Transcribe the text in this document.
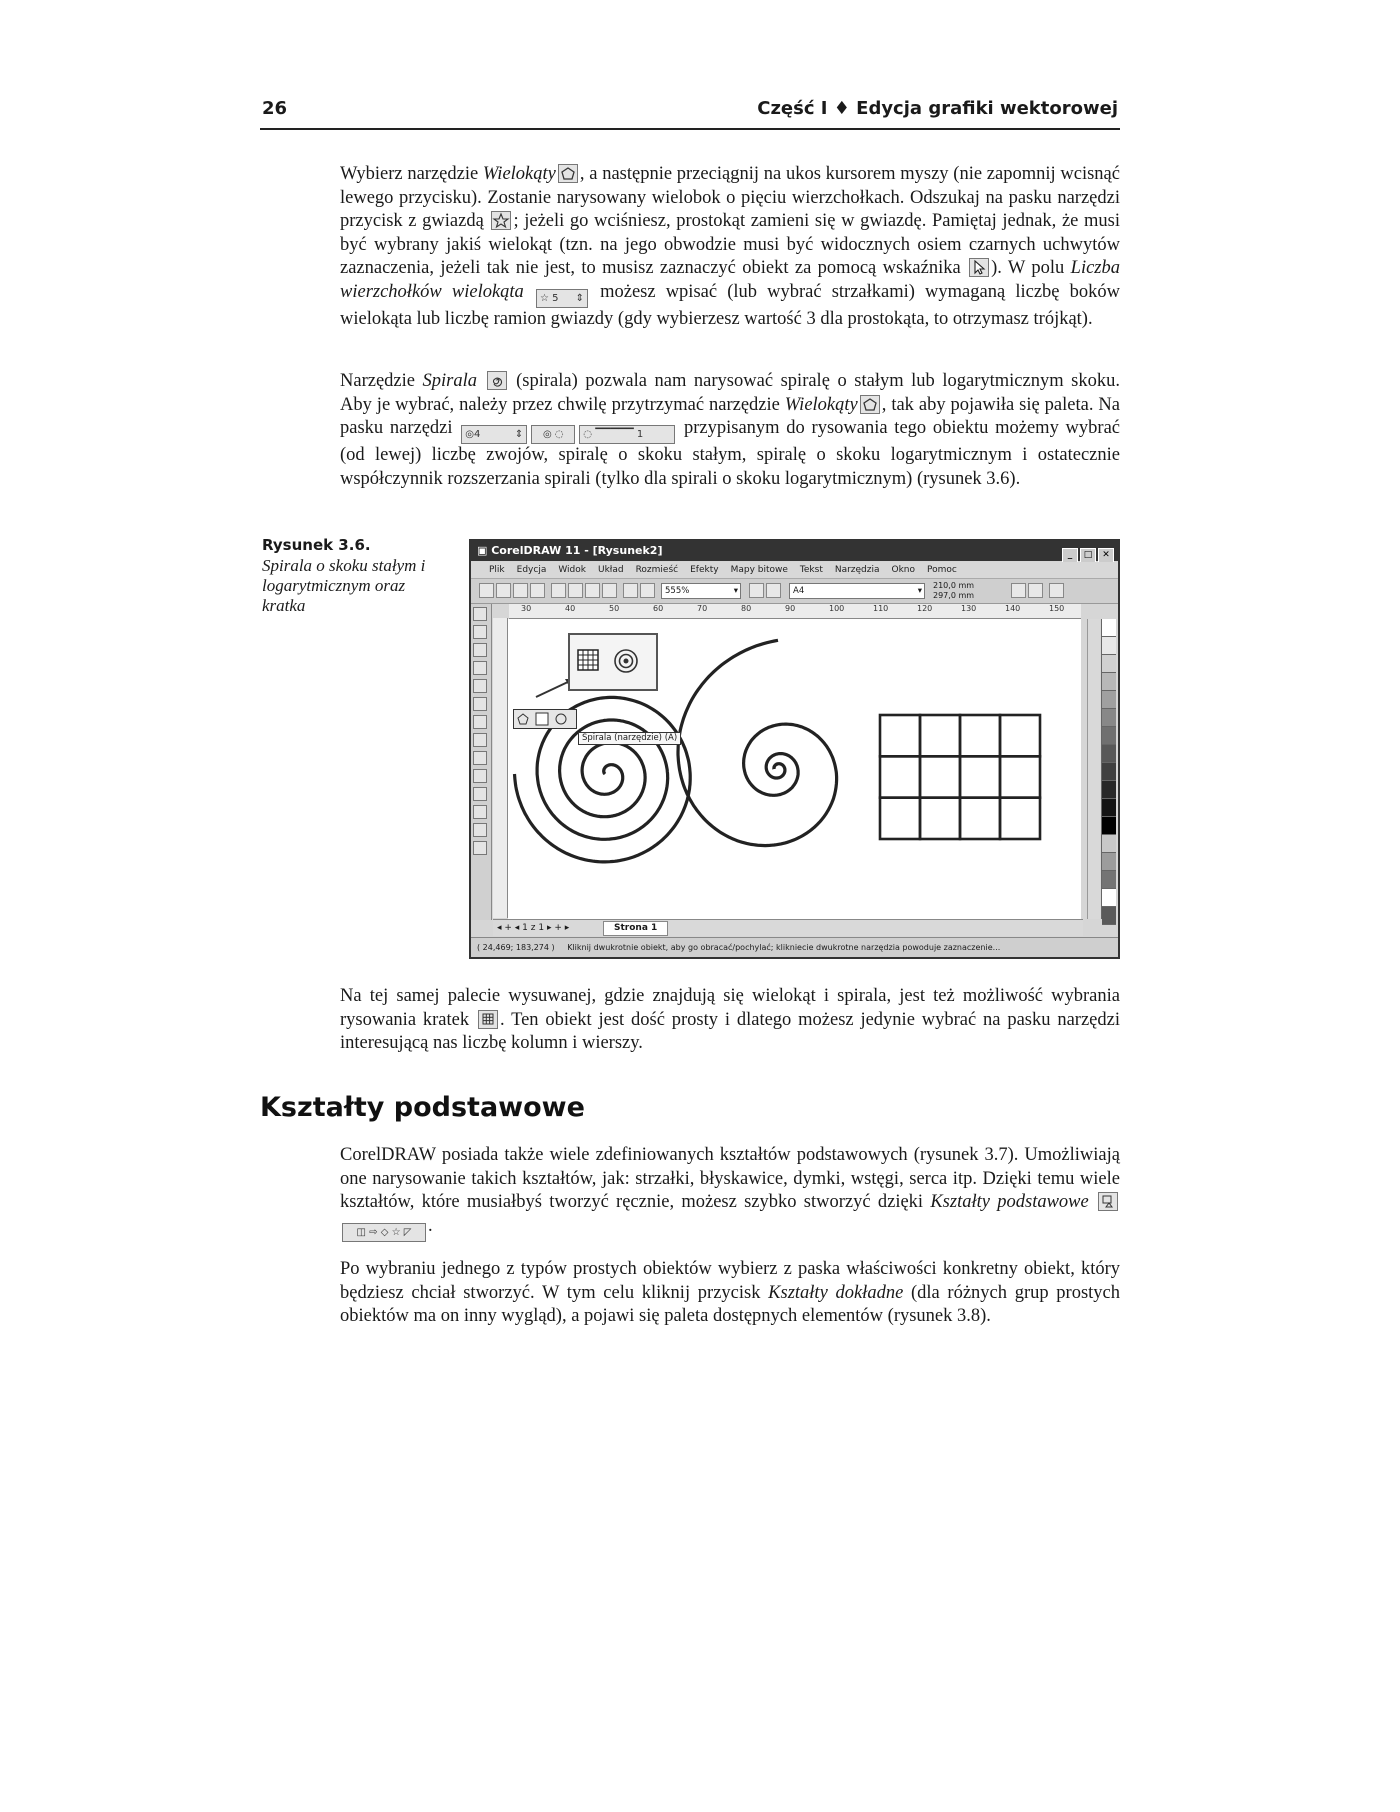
26	Część I ♦ Edycja grafiki wektorowej

Wybierz narzędzie Wielokąty , a następnie przeciągnij na ukos kursorem myszy (nie zapomnij wcisnąć lewego przycisku). Zostanie narysowany wielobok o pięciu wierzchołkach. Odszukaj na pasku narzędzi przycisk z gwiazdą
; jeżeli go wciśniesz, prostokąt zamieni się w gwiazdę. Pamiętaj jednak, że musi być wybrany jakiś wielokąt (tzn. na jego obwodzie musi być widocznych osiem czarnych uchwytów zaznaczenia, jeżeli tak nie jest, to musisz zaznaczyć obiekt za pomocą wskaźnika
). W polu Liczba wierzchołków wielokąta ☆ 5 ⇕ możesz wpisać (lub wybrać strzałkami) wymaganą liczbę boków wielokąta lub liczbę ramion gwiazdy (gdy wybierzesz wartość 3 dla prostokąta, to otrzymasz trójkąt).

Narzędzie Spirala
(spirala) pozwala nam narysować spiralę o stałym lub logarytmicznym skoku. Aby je wybrać, należy przez chwilę przytrzymać narzędzie Wielokąty , tak aby pojawiła się paleta. Na pasku narzędzi ◎4	⇕ ◎ ◌ ◌ ▔▔▔▔▔ 1 przypisanym do rysowania tego obiektu możemy wybrać (od lewej) liczbę zwojów, spiralę o skoku stałym, spiralę o skoku logarytmicznym i ostatecznie współczynnik rozszerzania spirali (tylko dla spirali o skoku logarytmicznym) (rysunek 3.6).

Rysunek 3.6.
Spirala o skoku stałym i logarytmicznym oraz kratka
▣ CorelDRAW 11 - [Rysunek2]	_ □ ✕
Plik Edycja Widok Układ Rozmieść Efekty Mapy bitowe Tekst Narzędzia Okno Pomoc
555%	▾	A4	▾
210,0 mm
297,0 mm
30	40	50	60	70	80	90	100	110	120	130	140	150
Spirala (narzędzie) (A)
◂ + ◂ 1 z 1 ▸ + ▸	Strona 1
( 24,469; 183,274 ) Kliknij dwukrotnie obiekt, aby go obracać/pochylać; klikniecie dwukrotne narzędzia powoduje zaznaczenie...

Na tej samej palecie wysuwanej, gdzie znajdują się wielokąt i spirala, jest też możliwość wybrania rysowania kratek
. Ten obiekt jest dość prosty i dlatego możesz jedynie wybrać na pasku narzędzi interesującą nas liczbę kolumn i wierszy.

Kształty podstawowe

CorelDRAW posiada także wiele zdefiniowanych kształtów podstawowych (rysunek 3.7). Umożliwiają one narysowanie takich kształtów, jak: strzałki, błyskawice, dymki, wstęgi, serca itp. Dzięki temu wiele kształtów, które musiałbyś tworzyć ręcznie, możesz szybko stworzyć dzięki Kształty podstawowe
◫ ⇨ ◇ ☆ ◸ .

Po wybraniu jednego z typów prostych obiektów wybierz z paska właściwości konkretny obiekt, który będziesz chciał stworzyć. W tym celu kliknij przycisk Kształty dokładne (dla różnych grup prostych obiektów ma on inny wygląd), a pojawi się paleta dostępnych elementów (rysunek 3.8).
